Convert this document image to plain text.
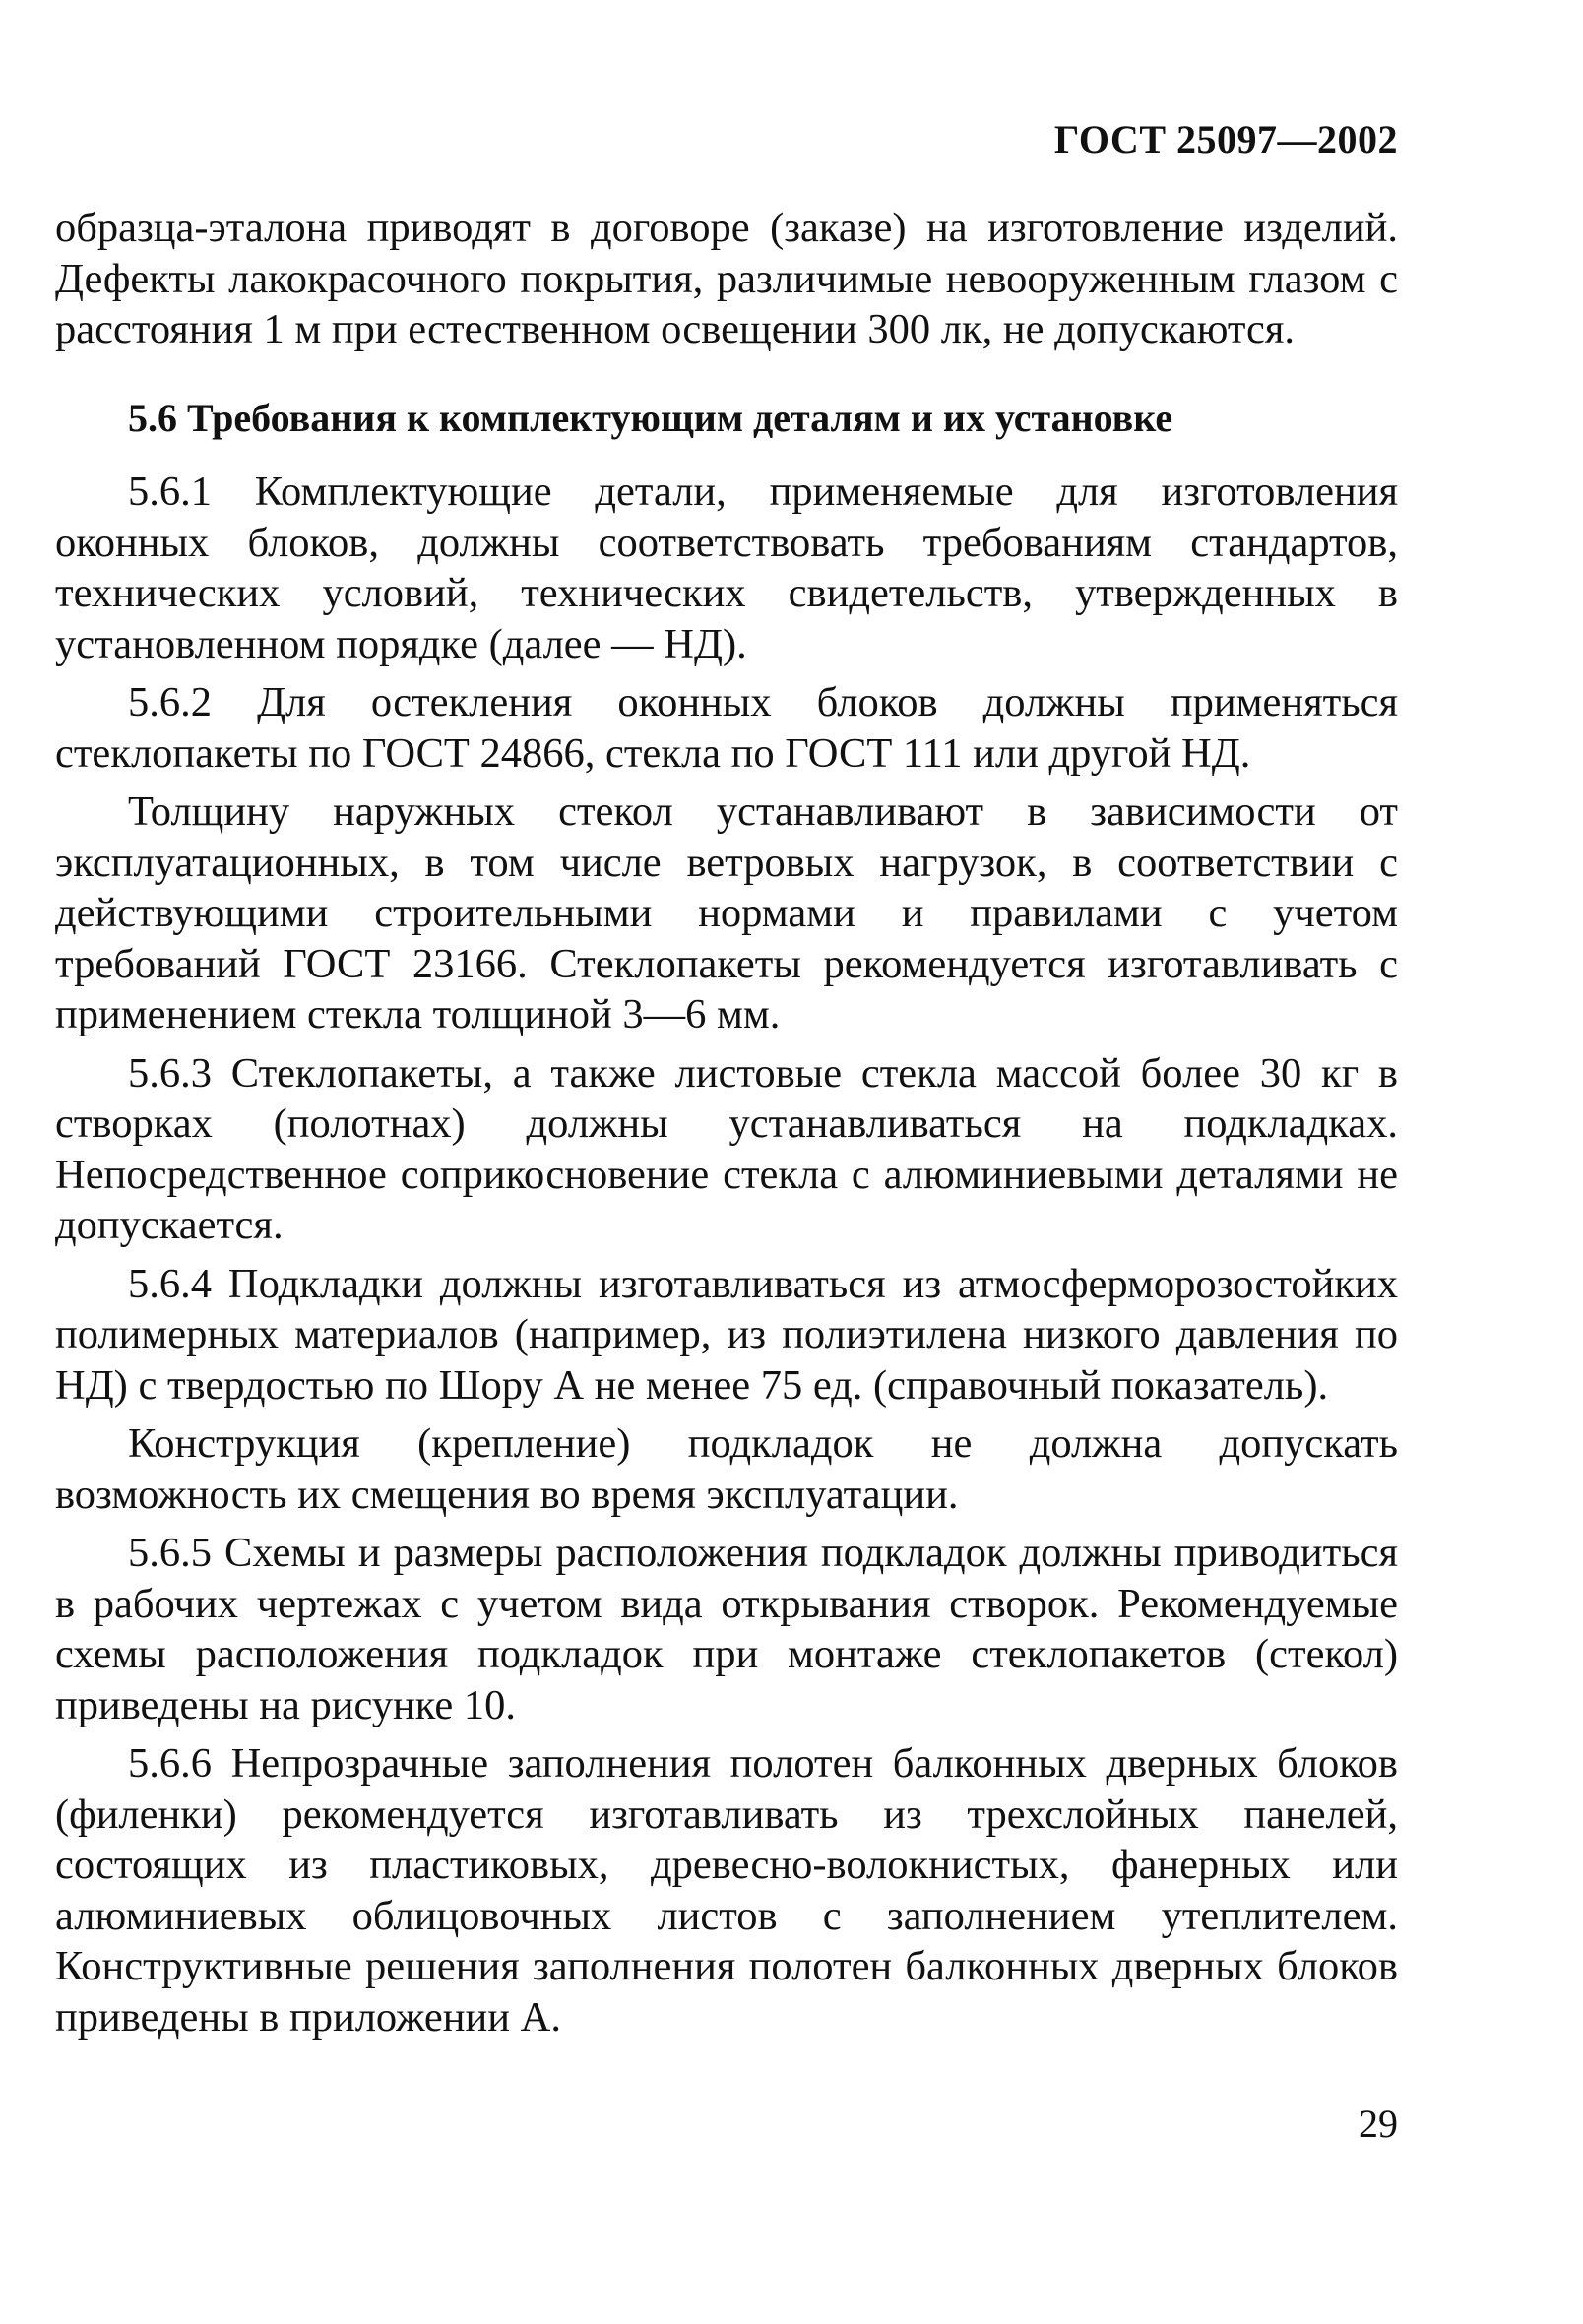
ГОСТ 25097—2002

образца-эталона приводят в договоре (заказе) на изготовление изделий. Дефекты лакокрасочного покрытия, различимые невооруженным глазом с расстояния 1 м при естественном освещении 300 лк, не допускаются.

5.6 Требования к комплектующим деталям и их установке

5.6.1 Комплектующие детали, применяемые для изготовления оконных блоков, должны соответствовать требованиям стандартов, технических условий, технических свидетельств, утвержденных в установленном порядке (далее — НД).

5.6.2 Для остекления оконных блоков должны применяться стеклопакеты по ГОСТ 24866, стекла по ГОСТ 111 или другой НД.

Толщину наружных стекол устанавливают в зависимости от эксплуатационных, в том числе ветровых нагрузок, в соответствии с действующими строительными нормами и правилами с учетом требований ГОСТ 23166. Стеклопакеты рекомендуется изготавливать с применением стекла толщиной 3—6 мм.

5.6.3 Стеклопакеты, а также листовые стекла массой более 30 кг в створках (полотнах) должны устанавливаться на подкладках. Непосредственное соприкосновение стекла с алюминиевыми деталями не допускается.

5.6.4 Подкладки должны изготавливаться из атмосферморозостойких полимерных материалов (например, из полиэтилена низкого давления по НД) с твердостью по Шору А не менее 75 ед. (справочный показатель).

Конструкция (крепление) подкладок не должна допускать возможность их смещения во время эксплуатации.

5.6.5 Схемы и размеры расположения подкладок должны приводиться в рабочих чертежах с учетом вида открывания створок. Рекомендуемые схемы расположения подкладок при монтаже стеклопакетов (стекол) приведены на рисунке 10.

5.6.6 Непрозрачные заполнения полотен балконных дверных блоков (филенки) рекомендуется изготавливать из трехслойных панелей, состоящих из пластиковых, древесно-волокнистых, фанерных или алюминиевых облицовочных листов с заполнением утеплителем. Конструктивные решения заполнения полотен балконных дверных блоков приведены в приложении А.

29
